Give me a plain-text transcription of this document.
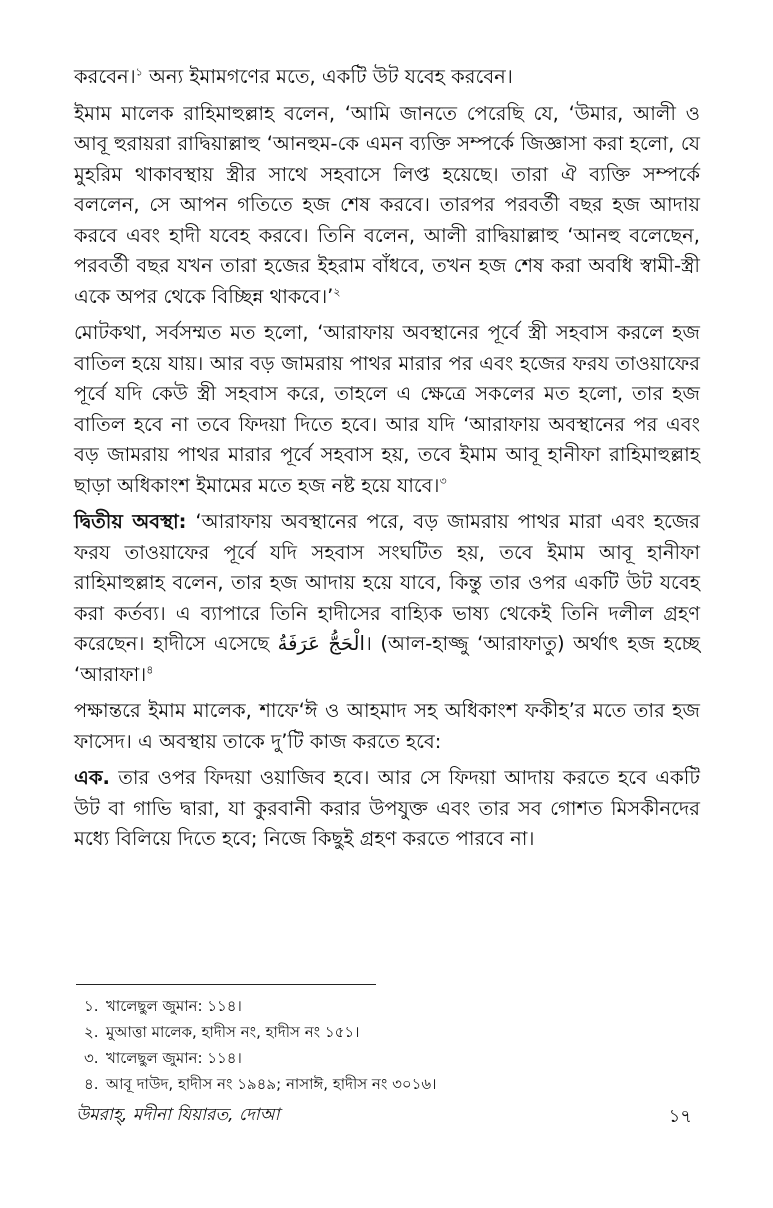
করবেন।$^১$ অন্য ইমামগণের মতে, একটি উট যবেহ করবেন।

ইমাম মালেক রাহিমাহুল্লাহ বলেন, ‘আমি জানতে পেরেছি যে, ‘উমার, আলী ও আবূ হুরায়রা রাদ্বিয়াল্লাহু ‘আনহুম-কে এমন ব্যক্তি সম্পর্কে জিজ্ঞাসা করা হলো, যে মুহরিম থাকাবস্থায় স্ত্রীর সাথে সহবাসে লিপ্ত হয়েছে। তারা ঐ ব্যক্তি সম্পর্কে বললেন, সে আপন গতিতে হজ শেষ করবে। তারপর পরবর্তী বছর হজ আদায় করবে এবং হাদী যবেহ করবে। তিনি বলেন, আলী রাদ্বিয়াল্লাহু ‘আনহু বলেছেন, পরবর্তী বছর যখন তারা হজের ইহরাম বাঁধবে, তখন হজ শেষ করা অবধি স্বামী-স্ত্রী একে অপর থেকে বিচ্ছিন্ন থাকবে।’$^২$

মোটকথা, সর্বসম্মত মত হলো, ‘আরাফায় অবস্থানের পূর্বে স্ত্রী সহবাস করলে হজ বাতিল হয়ে যায়। আর বড় জামরায় পাথর মারার পর এবং হজের ফরয তাওয়াফের পূর্বে যদি কেউ স্ত্রী সহবাস করে, তাহলে এ ক্ষেত্রে সকলের মত হলো, তার হজ বাতিল হবে না তবে ফিদয়া দিতে হবে। আর যদি ‘আরাফায় অবস্থানের পর এবং বড় জামরায় পাথর মারার পূর্বে সহবাস হয়, তবে ইমাম আবূ হানীফা রাহিমাহুল্লাহ ছাড়া অধিকাংশ ইমামের মতে হজ নষ্ট হয়ে যাবে।$^৩$

দ্বিতীয় অবস্থা: ‘আরাফায় অবস্থানের পরে, বড় জামরায় পাথর মারা এবং হজের ফরয তাওয়াফের পূর্বে যদি সহবাস সংঘটিত হয়, তবে ইমাম আবূ হানীফা রাহিমাহুল্লাহ বলেন, তার হজ আদায় হয়ে যাবে, কিন্তু তার ওপর একটি উট যবেহ করা কর্তব্য। এ ব্যাপারে তিনি হাদীসের বাহ্যিক ভাষ্য থেকেই তিনি দলীল গ্রহণ করেছেন। হাদীসে এসেছে الْحَجُّ عَرَفَةُ। (আল-হাজ্জু ‘আরাফাতু) অর্থাৎ হজ হচ্ছে ‘আরাফা।$^৪$

পক্ষান্তরে ইমাম মালেক, শাফে‘ঈ ও আহমাদ সহ অধিকাংশ ফকীহ’র মতে তার হজ ফাসেদ। এ অবস্থায় তাকে দু’টি কাজ করতে হবে:

এক. তার ওপর ফিদয়া ওয়াজিব হবে। আর সে ফিদয়া আদায় করতে হবে একটি উট বা গাভি দ্বারা, যা কুরবানী করার উপযুক্ত এবং তার সব গোশত মিসকীনদের মধ্যে বিলিয়ে দিতে হবে; নিজে কিছুই গ্রহণ করতে পারবে না।

১. খালেছুল জুমান: ১১৪।

২. মুআত্তা মালেক, হাদীস নং, হাদীস নং ১৫১।

৩. খালেছুল জুমান: ১১৪।

৪. আবূ দাউদ, হাদীস নং ১৯৪৯; নাসাঈ, হাদীস নং ৩০১৬।

উমরাহ্, মদীনা যিয়ারত, দোআ	১৭
